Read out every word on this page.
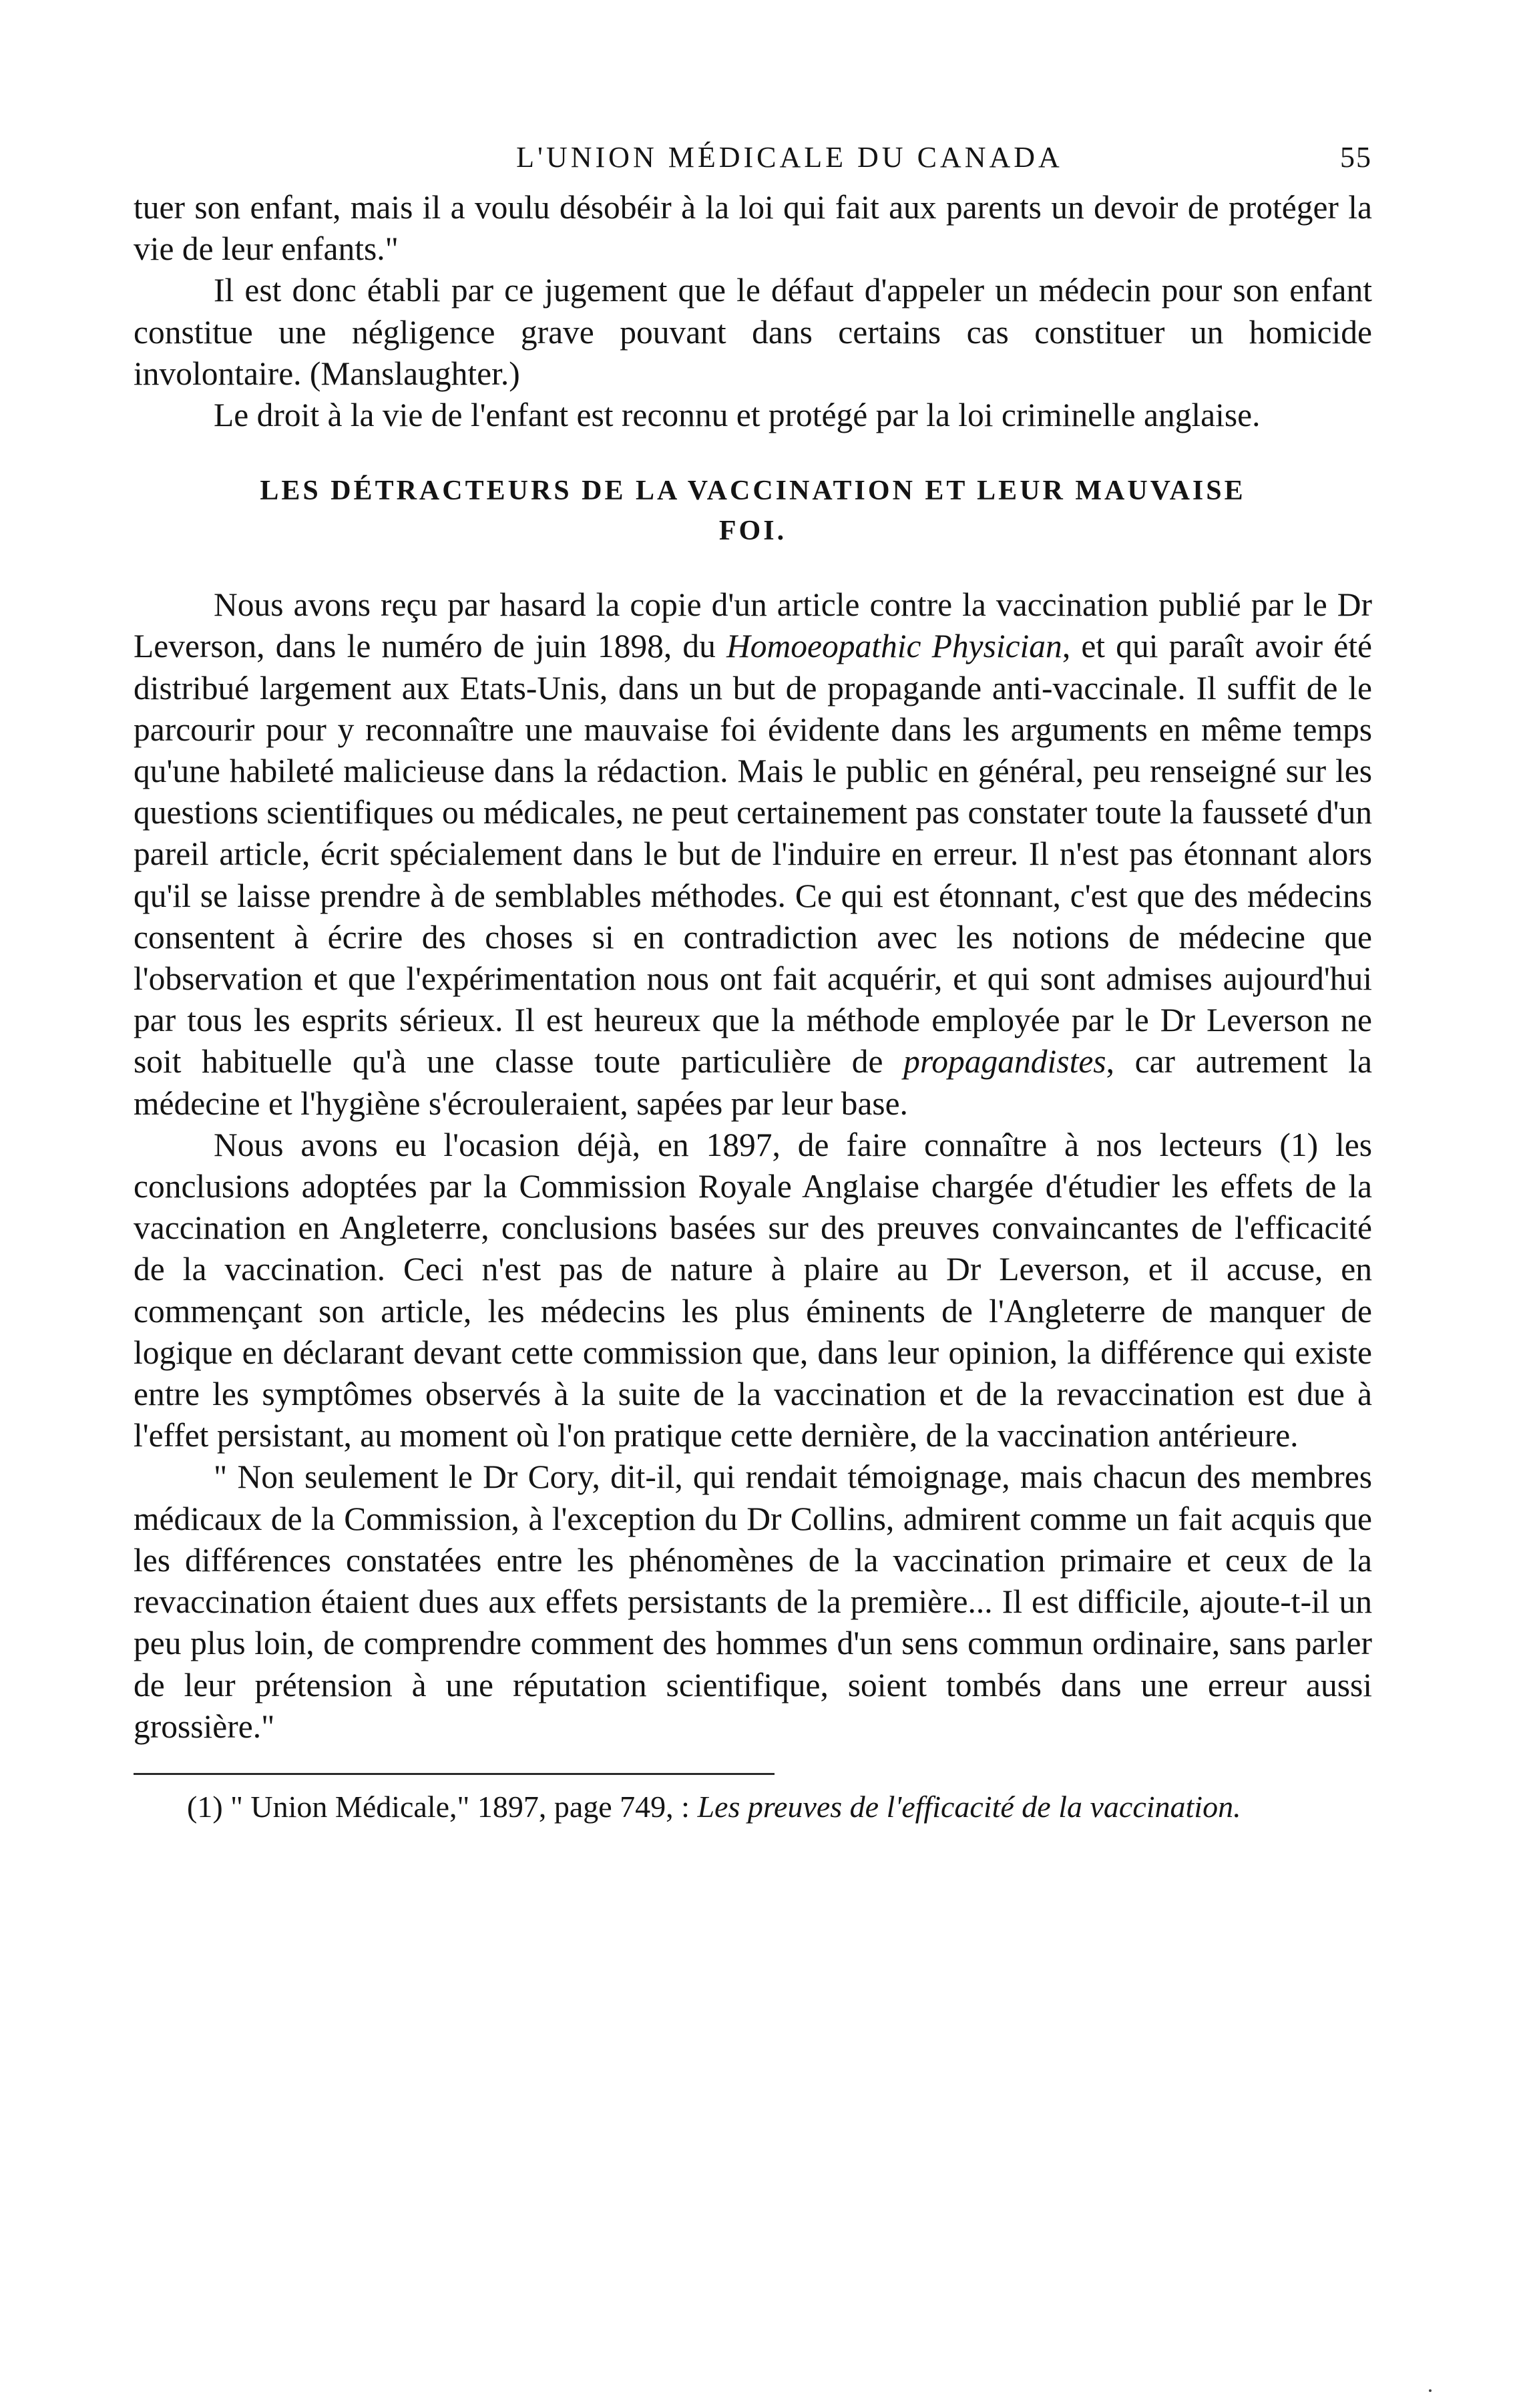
L'UNION MÉDICALE DU CANADA	55

tuer son enfant, mais il a voulu désobéir à la loi qui fait aux parents un devoir de protéger la vie de leur enfants."

Il est donc établi par ce jugement que le défaut d'appeler un médecin pour son enfant constitue une négligence grave pouvant dans certains cas constituer un homicide involontaire. (Manslaughter.)

Le droit à la vie de l'enfant est reconnu et protégé par la loi criminelle anglaise.

LES DÉTRACTEURS DE LA VACCINATION ET LEUR MAUVAISE FOI.

Nous avons reçu par hasard la copie d'un article contre la vaccination publié par le Dr Leverson, dans le numéro de juin 1898, du Homoeopathic Physician, et qui paraît avoir été distribué largement aux Etats-Unis, dans un but de propagande anti-vaccinale. Il suffit de le parcourir pour y reconnaître une mauvaise foi évidente dans les arguments en même temps qu'une habileté malicieuse dans la rédaction. Mais le public en général, peu renseigné sur les questions scientifiques ou médicales, ne peut certainement pas constater toute la fausseté d'un pareil article, écrit spécialement dans le but de l'induire en erreur. Il n'est pas étonnant alors qu'il se laisse prendre à de semblables méthodes. Ce qui est étonnant, c'est que des médecins consentent à écrire des choses si en contradiction avec les notions de médecine que l'observation et que l'expérimentation nous ont fait acquérir, et qui sont admises aujourd'hui par tous les esprits sérieux. Il est heureux que la méthode employée par le Dr Leverson ne soit habituelle qu'à une classe toute particulière de propagandistes, car autrement la médecine et l'hygiène s'écrouleraient, sapées par leur base.

Nous avons eu l'ocasion déjà, en 1897, de faire connaître à nos lecteurs (1) les conclusions adoptées par la Commission Royale Anglaise chargée d'étudier les effets de la vaccination en Angleterre, conclusions basées sur des preuves convaincantes de l'efficacité de la vaccination. Ceci n'est pas de nature à plaire au Dr Leverson, et il accuse, en commençant son article, les médecins les plus éminents de l'Angleterre de manquer de logique en déclarant devant cette commission que, dans leur opinion, la différence qui existe entre les symptômes observés à la suite de la vaccination et de la revaccination est due à l'effet persistant, au moment où l'on pratique cette dernière, de la vaccination antérieure.

" Non seulement le Dr Cory, dit-il, qui rendait témoignage, mais chacun des membres médicaux de la Commission, à l'exception du Dr Collins, admirent comme un fait acquis que les différences constatées entre les phénomènes de la vaccination primaire et ceux de la revaccination étaient dues aux effets persistants de la première... Il est difficile, ajoute-t-il un peu plus loin, de comprendre comment des hommes d'un sens commun ordinaire, sans parler de leur prétension à une réputation scientifique, soient tombés dans une erreur aussi grossière."

(1) " Union Médicale," 1897, page 749, : Les preuves de l'efficacité de la vaccination.
